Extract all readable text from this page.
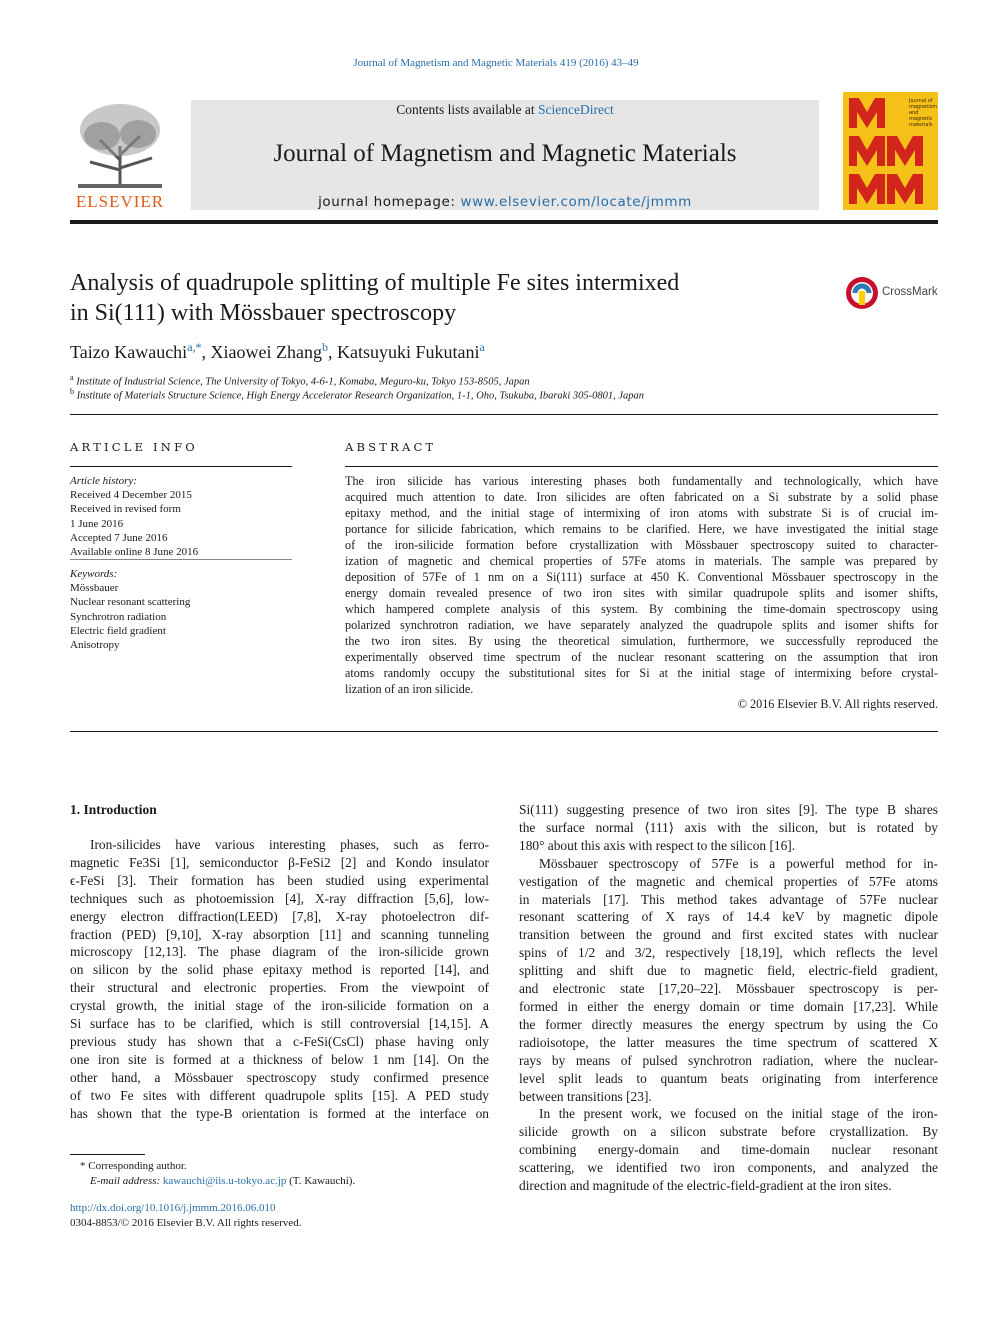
Journal of Magnetism and Magnetic Materials 419 (2016) 43–49
ELSEVIER
Contents lists available at ScienceDirect
Journal of Magnetism and Magnetic Materials
journal homepage: www.elsevier.com/locate/jmmm
Journal of magnetism and magnetic materials
Analysis of quadrupole splitting of multiple Fe sites intermixed
in Si(111) with Mössbauer spectroscopy
CrossMark
Taizo Kawauchi$^{a,*}$, Xiaowei Zhang$^b$, Katsuyuki Fukutani$^a$
$^a$ Institute of Industrial Science, The University of Tokyo, 4-6-1, Komaba, Meguro-ku, Tokyo 153-8505, Japan
$^b$ Institute of Materials Structure Science, High Energy Accelerator Research Organization, 1-1, Oho, Tsukuba, Ibaraki 305-0801, Japan
ARTICLE INFO
Article history:
Received 4 December 2015
Received in revised form
1 June 2016
Accepted 7 June 2016
Available online 8 June 2016
Keywords:
Mössbauer
Nuclear resonant scattering
Synchrotron radiation
Electric field gradient
Anisotropy
ABSTRACT
The iron silicide has various interesting phases both fundamentally and technologically, which have
acquired much attention to date. Iron silicides are often fabricated on a Si substrate by a solid phase
epitaxy method, and the initial stage of intermixing of iron atoms with substrate Si is of crucial im-
portance for silicide fabrication, which remains to be clarified. Here, we have investigated the initial stage
of the iron-silicide formation before crystallization with Mössbauer spectroscopy suited to character-
ization of magnetic and chemical properties of 57Fe atoms in materials. The sample was prepared by
deposition of 57Fe of 1 nm on a Si(111) surface at 450 K. Conventional Mössbauer spectroscopy in the
energy domain revealed presence of two iron sites with similar quadrupole splits and isomer shifts,
which hampered complete analysis of this system. By combining the time-domain spectroscopy using
polarized synchrotron radiation, we have separately analyzed the quadrupole splits and isomer shifts for
the two iron sites. By using the theoretical simulation, furthermore, we successfully reproduced the
experimentally observed time spectrum of the nuclear resonant scattering on the assumption that iron
atoms randomly occupy the substitutional sites for Si at the initial stage of intermixing before crystal-
lization of an iron silicide.
© 2016 Elsevier B.V. All rights reserved.
1. Introduction
Iron-silicides have various interesting phases, such as ferro-
magnetic Fe3Si [1], semiconductor β-FeSi2 [2] and Kondo insulator
ϵ-FeSi [3]. Their formation has been studied using experimental
techniques such as photoemission [4], X-ray diffraction [5,6], low-
energy electron diffraction(LEED) [7,8], X-ray photoelectron dif-
fraction (PED) [9,10], X-ray absorption [11] and scanning tunneling
microscopy [12,13]. The phase diagram of the iron-silicide grown
on silicon by the solid phase epitaxy method is reported [14], and
their structural and electronic properties. From the viewpoint of
crystal growth, the initial stage of the iron-silicide formation on a
Si surface has to be clarified, which is still controversial [14,15]. A
previous study has shown that a c-FeSi(CsCl) phase having only
one iron site is formed at a thickness of below 1 nm [14]. On the
other hand, a Mössbauer spectroscopy study confirmed presence
of two Fe sites with different quadrupole splits [15]. A PED study
has shown that the type-B orientation is formed at the interface on
Si(111) suggesting presence of two iron sites [9]. The type B shares
the surface normal ⟨111⟩ axis with the silicon, but is rotated by
180° about this axis with respect to the silicon [16].
Mössbauer spectroscopy of 57Fe is a powerful method for in-
vestigation of the magnetic and chemical properties of 57Fe atoms
in materials [17]. This method takes advantage of 57Fe nuclear
resonant scattering of X rays of 14.4 keV by magnetic dipole
transition between the ground and first excited states with nuclear
spins of 1/2 and 3/2, respectively [18,19], which reflects the level
splitting and shift due to magnetic field, electric-field gradient,
and electronic state [17,20–22]. Mössbauer spectroscopy is per-
formed in either the energy domain or time domain [17,23]. While
the former directly measures the energy spectrum by using the Co
radioisotope, the latter measures the time spectrum of scattered X
rays by means of pulsed synchrotron radiation, where the nuclear-
level split leads to quantum beats originating from interference
between transitions [23].
In the present work, we focused on the initial stage of the iron-
silicide growth on a silicon substrate before crystallization. By
combining energy-domain and time-domain nuclear resonant
scattering, we identified two iron components, and analyzed the
direction and magnitude of the electric-field-gradient at the iron sites.
* Corresponding author.
E-mail address: kawauchi@iis.u-tokyo.ac.jp (T. Kawauchi).
http://dx.doi.org/10.1016/j.jmmm.2016.06.010
0304-8853/© 2016 Elsevier B.V. All rights reserved.
